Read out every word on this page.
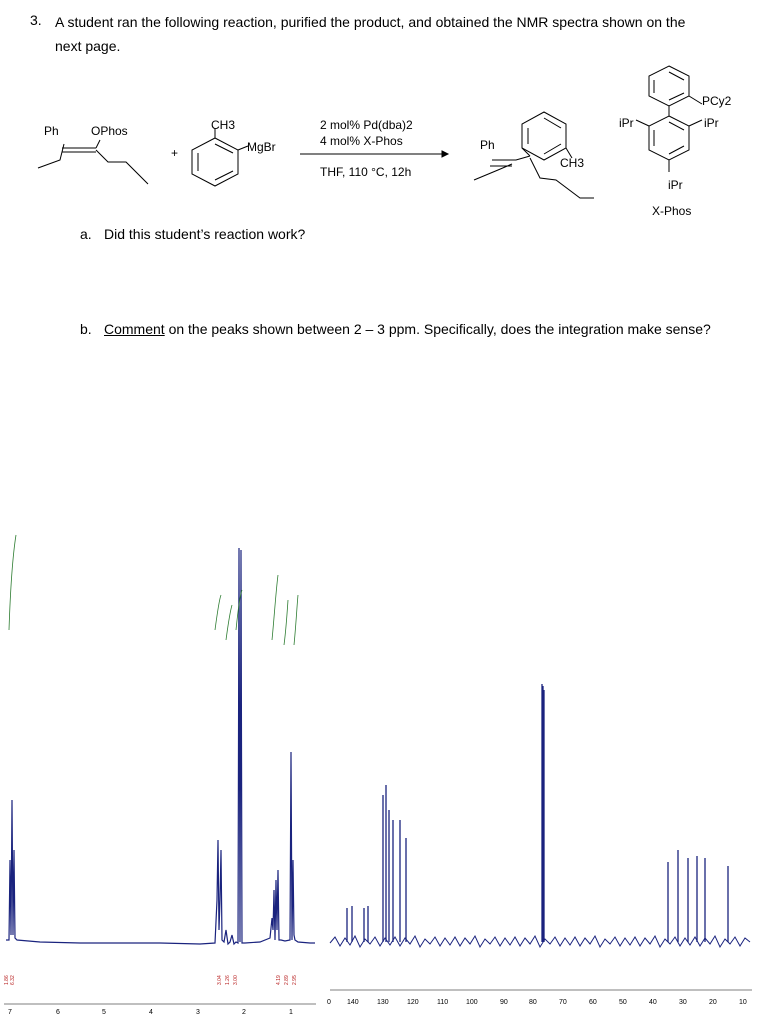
3. A student ran the following reaction, purified the product, and obtained the NMR spectra shown on the
next page.
Ph	OPhos
+
CH3
MgBr
2 mol% Pd(dba)2
4 mol% X-Phos
THF, 110 °C, 12h
Ph
CH3
PCy2
iPr	iPr
iPr
X-Phos
a. Did this student’s reaction work?
b. Comment on the peaks shown between 2 – 3 ppm. Specifically, does the integration make sense?
1.86 6.32	3.04 1.26 3.00	4.19 2.89 2.95
7	6	5	4	3	2	1
0 140	130	120	110	100	90	80	70	60	50	40	30	20	10
